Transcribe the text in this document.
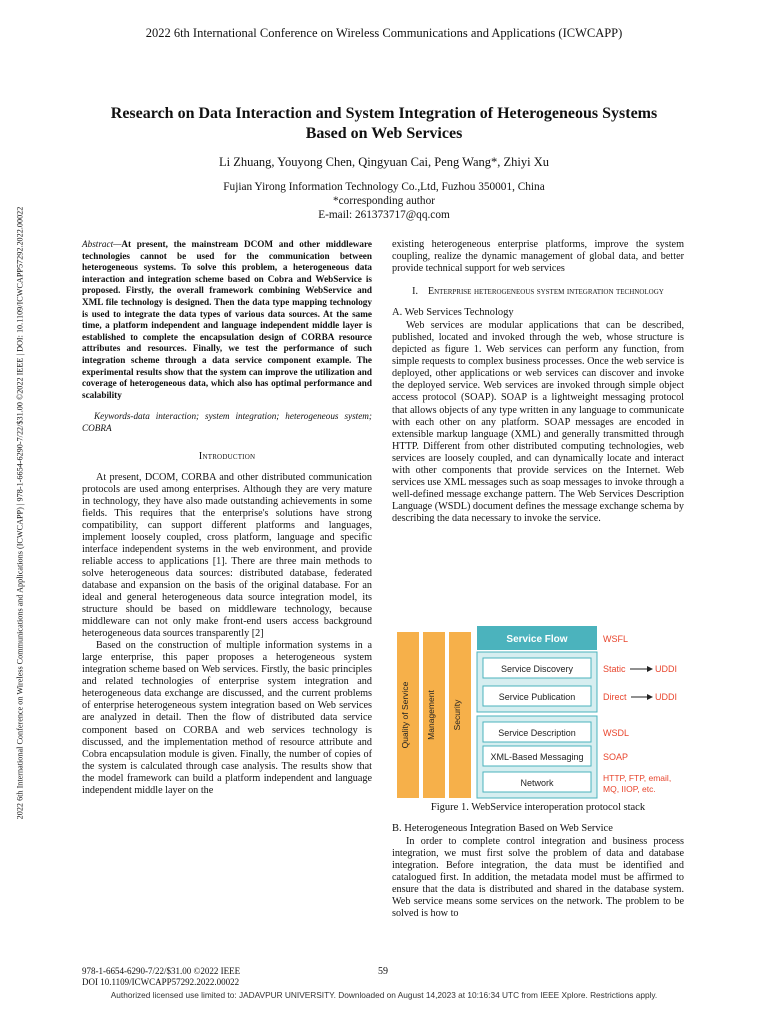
2022 6th International Conference on Wireless Communications and Applications (ICWCAPP)
2022 6th International Conference on Wireless Communications and Applications (ICWCAPP) | 978-1-6654-6290-7/22/$31.00 ©2022 IEEE | DOI: 10.1109/ICWCAPP57292.2022.00022
Research on Data Interaction and System Integration of Heterogeneous Systems
Based on Web Services
Li Zhuang, Youyong Chen, Qingyuan Cai, Peng Wang*, Zhiyi Xu
Fujian Yirong Information Technology Co.,Ltd, Fuzhou 350001, China
*corresponding author
E-mail: 261373717@qq.com

Abstract—At present, the mainstream DCOM and other middleware technologies cannot be used for the communication between heterogeneous systems. To solve this problem, a heterogeneous data interaction and integration scheme based on Cobra and WebService is proposed. Firstly, the overall framework combining WebService and XML file technology is designed. Then the data type mapping technology is used to integrate the data types of various data sources. At the same time, a platform independent and language independent middle layer is established to complete the encapsulation design of CORBA resource attributes and resources. Finally, we test the performance of such integration scheme through a data service component example. The experimental results show that the system can improve the utilization and coverage of heterogeneous data, which also has optimal performance and scalability

Keywords-data interaction; system integration; heterogeneous system; COBRA

Introduction

At present, DCOM, CORBA and other distributed communication protocols are used among enterprises. Although they are very mature in technology, they have also made outstanding achievements in some fields. This requires that the enterprise's solutions have strong compatibility, can support different platforms and languages, implement loosely coupled, cross platform, language and specific interface independent systems in the web environment, and provide reliable access to applications [1]. There are three main methods to solve heterogeneous data sources: distributed database, federated database and expansion on the basis of the original database. For an ideal and general heterogeneous data source integration model, its structure should be based on middleware technology, because middleware can not only make front-end users access background heterogeneous data sources transparently [2]

Based on the construction of multiple information systems in a large enterprise, this paper proposes a heterogeneous system integration scheme based on Web services. Firstly, the basic principles and related technologies of enterprise system integration and heterogeneous data exchange are discussed, and the current problems of enterprise heterogeneous system integration based on Web services are analyzed in detail. Then the flow of distributed data service component based on CORBA and web services technology is discussed, and the implementation method of resource attribute and Cobra encapsulation module is given. Finally, the number of copies of the system is calculated through case analysis. The results show that the model framework can build a platform independent and language independent middle layer on the

existing heterogeneous enterprise platforms, improve the system coupling, realize the dynamic management of global data, and better provide technical support for web services

I. Enterprise heterogeneous system integration technology
A. Web Services Technology

Web services are modular applications that can be described, published, located and invoked through the web, whose structure is depicted as figure 1. Web services can perform any function, from simple requests to complex business processes. Once the web service is deployed, other applications or web services can discover and invoke the deployed service. Web services are invoked through simple object access protocol (SOAP). SOAP is a lightweight messaging protocol that allows objects of any type written in any language to communicate with each other on any platform. SOAP messages are encoded in extensible markup language (XML) and generally transmitted through HTTP. Different from other distributed computing technologies, web services are loosely coupled, and can dynamically locate and interact with other components that provide services on the Internet. Web services use XML messages such as soap messages to invoke through a well-defined message exchange pattern. The Web Services Description Language (WSDL) document defines the message exchange schema by describing the data necessary to invoke the service.

Quality of Service Management Security
Service Flow
Service Discovery
Service Publication
Service Description
XML-Based Messaging
Network
WSFL
Static	UDDI
Direct	UDDI
WSDL
SOAP
HTTP, FTP, email,
MQ, IIOP, etc.
Figure 1. WebService interoperation protocol stack
B. Heterogeneous Integration Based on Web Service

In order to complete control integration and business process integration, we must first solve the problem of data and database integration. Before integration, the data must be identified and catalogued first. In addition, the metadata model must be affirmed to ensure that the data is distributed and shared in the database system. Web service means some services on the network. The problem to be solved is how to

978-1-6654-6290-7/22/$31.00 ©2022 IEEE
DOI 10.1109/ICWCAPP57292.2022.00022
59
Authorized licensed use limited to: JADAVPUR UNIVERSITY. Downloaded on August 14,2023 at 10:16:34 UTC from IEEE Xplore. Restrictions apply.
